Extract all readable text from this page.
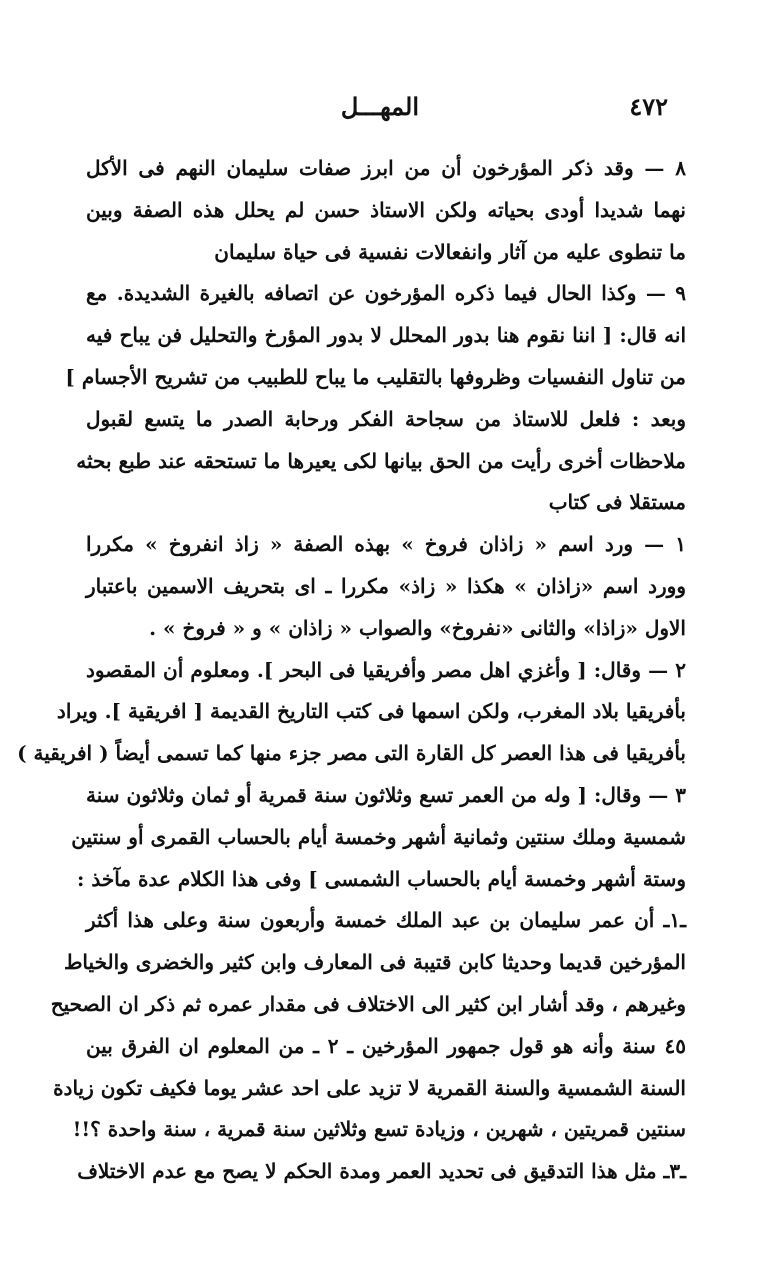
٤٧٢
المهـــل
٨ — وقد ذكر المؤرخون أن من ابرز صفات سليمان النهم فى الأكل
نهما شديدا أودى بحياته ولكن الاستاذ حسن لم يحلل هذه الصفة وبين
ما تنطوى عليه من آثار وانفعالات نفسية فى حياة سليمان
٩ — وكذا الحال فيما ذكره المؤرخون عن اتصافه بالغيرة الشديدة. مع
انه قال: [ اننا نقوم هنا بدور المحلل لا بدور المؤرخ والتحليل فن يباح فيه
من تناول النفسيات وظروفها بالتقليب ما يباح للطبيب من تشريح الأجسام ]
وبعد : فلعل للاستاذ من سجاحة الفكر ورحابة الصدر ما يتسع لقبول
ملاحظات أخرى رأيت من الحق بيانها لكى يعيرها ما تستحقه عند طبع بحثه
مستقلا فى كتاب
١ — ورد اسم « زاذان فروخ » بهذه الصفة « زاذ انفروخ » مكررا
وورد اسم «زاذان » هكذا « زاذ» مكررا ـ اى بتحريف الاسمين باعتبار
الاول «زاذا» والثانى «نفروخ» والصواب « زاذان » و « فروخ » .
٢ — وقال: [ وأغزي اهل مصر وأفريقيا فى البحر ]. ومعلوم أن المقصود
بأفريقيا بلاد المغرب، ولكن اسمها فى كتب التاريخ القديمة [ افريقية ]. ويراد
بأفريقيا فى هذا العصر كل القارة التى مصر جزء منها كما تسمى أيضاً ( افريقية )
٣ — وقال: [ وله من العمر تسع وثلاثون سنة قمرية أو ثمان وثلاثون سنة
شمسية وملك سنتين وثمانية أشهر وخمسة أيام بالحساب القمرى أو سنتين
وستة أشهر وخمسة أيام بالحساب الشمسى ] وفى هذا الكلام عدة مآخذ :
ـ١ـ أن عمر سليمان بن عبد الملك خمسة وأربعون سنة وعلى هذا أكثر
المؤرخين قديما وحديثا كابن قتيبة فى المعارف وابن كثير والخضرى والخياط
وغيرهم ، وقد أشار ابن كثير الى الاختلاف فى مقدار عمره ثم ذكر ان الصحيح
٤٥ سنة وأنه هو قول جمهور المؤرخين ـ ٢ ـ من المعلوم ان الفرق بين
السنة الشمسية والسنة القمرية لا تزيد على احد عشر يوما فكيف تكون زيادة
سنتين قمريتين ، شهرين ، وزيادة تسع وثلاثين سنة قمرية ، سنة واحدة ؟!!
ـ٣ـ مثل هذا التدقيق فى تحديد العمر ومدة الحكم لا يصح مع عدم الاختلاف
